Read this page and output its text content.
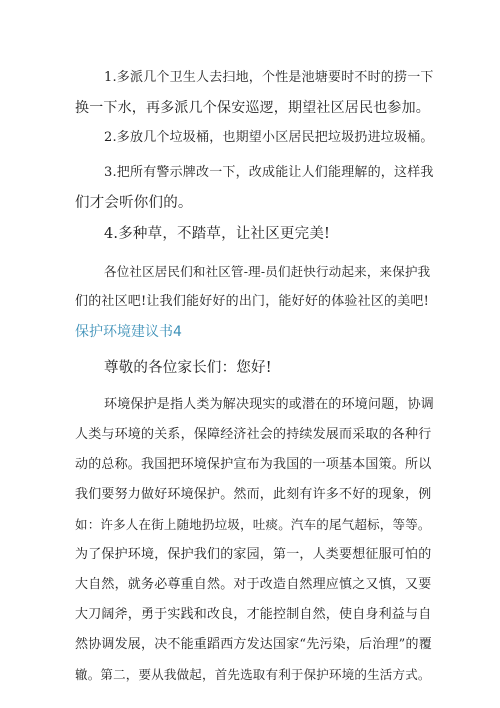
1.多派几个卫生人去扫地，个性是池塘要时不时的捞一下
换一下水，再多派几个保安巡逻，期望社区居民也参加。

2.多放几个垃圾桶，也期望小区居民把垃圾扔进垃圾桶。

3.把所有警示牌改一下，改成能让人们能理解的，这样我
们才会听你们的。

4.多种草，不踏草，让社区更完美!

各位社区居民们和社区管-理-员们赶快行动起来，来保护我
们的社区吧!让我们能好好的出门，能好好的体验社区的美吧!

保护环境建议书4

尊敬的各位家长们：您好!

环境保护是指人类为解决现实的或潜在的环境问题，协调
人类与环境的关系，保障经济社会的持续发展而采取的各种行
动的总称。我国把环境保护宣布为我国的一项基本国策。所以
我们要努力做好环境保护。然而，此刻有许多不好的现象，例
如：许多人在街上随地扔垃圾，吐痰。汽车的尾气超标，等等。
为了保护环境，保护我们的家园，第一，人类要想征服可怕的
大自然，就务必尊重自然。对于改造自然理应慎之又慎，又要
大刀阔斧，勇于实践和改良，才能控制自然，使自身利益与自
然协调发展，决不能重蹈西方发达国家“先污染，后治理”的覆
辙。第二，要从我做起，首先选取有利于保护环境的生活方式。
